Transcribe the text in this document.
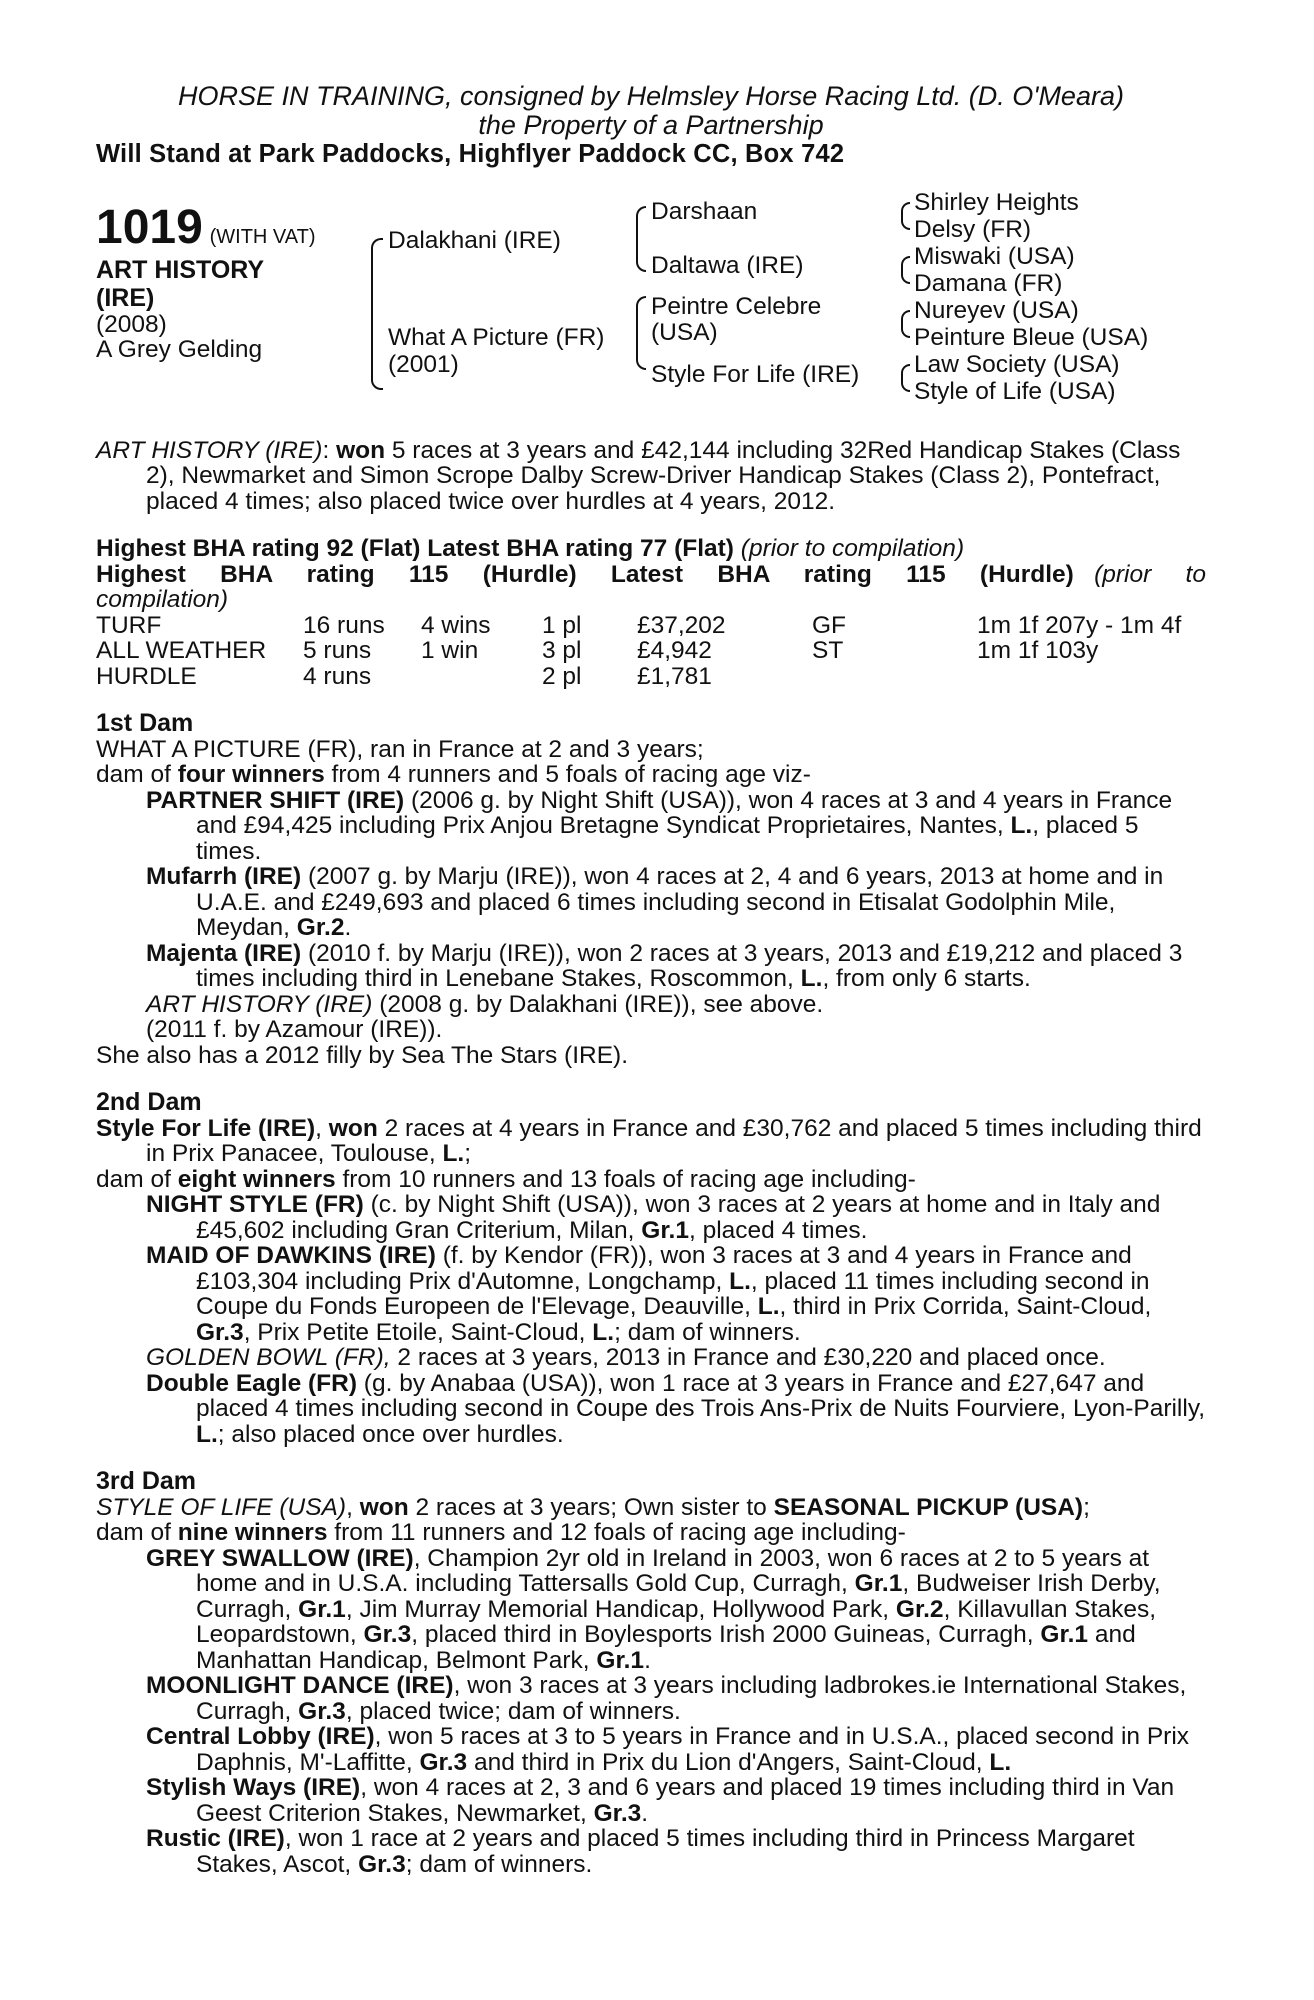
HORSE IN TRAINING, consigned by Helmsley Horse Racing Ltd. (D. O'Meara)
the Property of a Partnership
Will Stand at Park Paddocks, Highflyer Paddock CC, Box 742
1019 (WITH VAT)
ART HISTORY
(IRE)
(2008)
A Grey Gelding
Dalakhani (IRE)
What A Picture (FR)
(2001)
Darshaan
Daltawa (IRE)
Peintre Celebre
(USA)
Style For Life (IRE)
Shirley Heights
Delsy (FR)
Miswaki (USA)
Damana (FR)
Nureyev (USA)
Peinture Bleue (USA)
Law Society (USA)
Style of Life (USA)

ART HISTORY (IRE): won 5 races at 3 years and £42,144 including 32Red Handicap Stakes (Class 2), Newmarket and Simon Scrope Dalby Screw-Driver Handicap Stakes (Class 2), Pontefract, placed 4 times; also placed twice over hurdles at 4 years, 2012.

Highest BHA rating 92 (Flat) Latest BHA rating 77 (Flat) (prior to compilation)

Highest BHA rating 115 (Hurdle) Latest BHA rating 115 (Hurdle) (prior to compilation)

TURF	16 runs	4 wins	1 pl	£37,202	GF	1m 1f 207y - 1m 4f
ALL WEATHER	5 runs	1 win	3 pl	£4,942	ST	1m 1f 103y
HURDLE	4 runs		2 pl	£1,781		

1st Dam

WHAT A PICTURE (FR), ran in France at 2 and 3 years;

dam of four winners from 4 runners and 5 foals of racing age viz-

PARTNER SHIFT (IRE) (2006 g. by Night Shift (USA)), won 4 races at 3 and 4 years in France and £94,425 including Prix Anjou Bretagne Syndicat Proprietaires, Nantes, L., placed 5 times.

Mufarrh (IRE) (2007 g. by Marju (IRE)), won 4 races at 2, 4 and 6 years, 2013 at home and in U.A.E. and £249,693 and placed 6 times including second in Etisalat Godolphin Mile, Meydan, Gr.2.

Majenta (IRE) (2010 f. by Marju (IRE)), won 2 races at 3 years, 2013 and £19,212 and placed 3 times including third in Lenebane Stakes, Roscommon, L., from only 6 starts.

ART HISTORY (IRE) (2008 g. by Dalakhani (IRE)), see above.

(2011 f. by Azamour (IRE)).

She also has a 2012 filly by Sea The Stars (IRE).

2nd Dam

Style For Life (IRE), won 2 races at 4 years in France and £30,762 and placed 5 times including third in Prix Panacee, Toulouse, L.;

dam of eight winners from 10 runners and 13 foals of racing age including-

NIGHT STYLE (FR) (c. by Night Shift (USA)), won 3 races at 2 years at home and in Italy and £45,602 including Gran Criterium, Milan, Gr.1, placed 4 times.

MAID OF DAWKINS (IRE) (f. by Kendor (FR)), won 3 races at 3 and 4 years in France and £103,304 including Prix d'Automne, Longchamp, L., placed 11 times including second in Coupe du Fonds Europeen de l'Elevage, Deauville, L., third in Prix Corrida, Saint-Cloud, Gr.3, Prix Petite Etoile, Saint-Cloud, L.; dam of winners.

GOLDEN BOWL (FR), 2 races at 3 years, 2013 in France and £30,220 and placed once.

Double Eagle (FR) (g. by Anabaa (USA)), won 1 race at 3 years in France and £27,647 and placed 4 times including second in Coupe des Trois Ans-Prix de Nuits Fourviere, Lyon-Parilly, L.; also placed once over hurdles.

3rd Dam

STYLE OF LIFE (USA), won 2 races at 3 years; Own sister to SEASONAL PICKUP (USA);

dam of nine winners from 11 runners and 12 foals of racing age including-

GREY SWALLOW (IRE), Champion 2yr old in Ireland in 2003, won 6 races at 2 to 5 years at home and in U.S.A. including Tattersalls Gold Cup, Curragh, Gr.1, Budweiser Irish Derby, Curragh, Gr.1, Jim Murray Memorial Handicap, Hollywood Park, Gr.2, Killavullan Stakes, Leopardstown, Gr.3, placed third in Boylesports Irish 2000 Guineas, Curragh, Gr.1 and Manhattan Handicap, Belmont Park, Gr.1.

MOONLIGHT DANCE (IRE), won 3 races at 3 years including ladbrokes.ie International Stakes, Curragh, Gr.3, placed twice; dam of winners.

Central Lobby (IRE), won 5 races at 3 to 5 years in France and in U.S.A., placed second in Prix Daphnis, M'-Laffitte, Gr.3 and third in Prix du Lion d'Angers, Saint-Cloud, L.

Stylish Ways (IRE), won 4 races at 2, 3 and 6 years and placed 19 times including third in Van Geest Criterion Stakes, Newmarket, Gr.3.

Rustic (IRE), won 1 race at 2 years and placed 5 times including third in Princess Margaret Stakes, Ascot, Gr.3; dam of winners.
